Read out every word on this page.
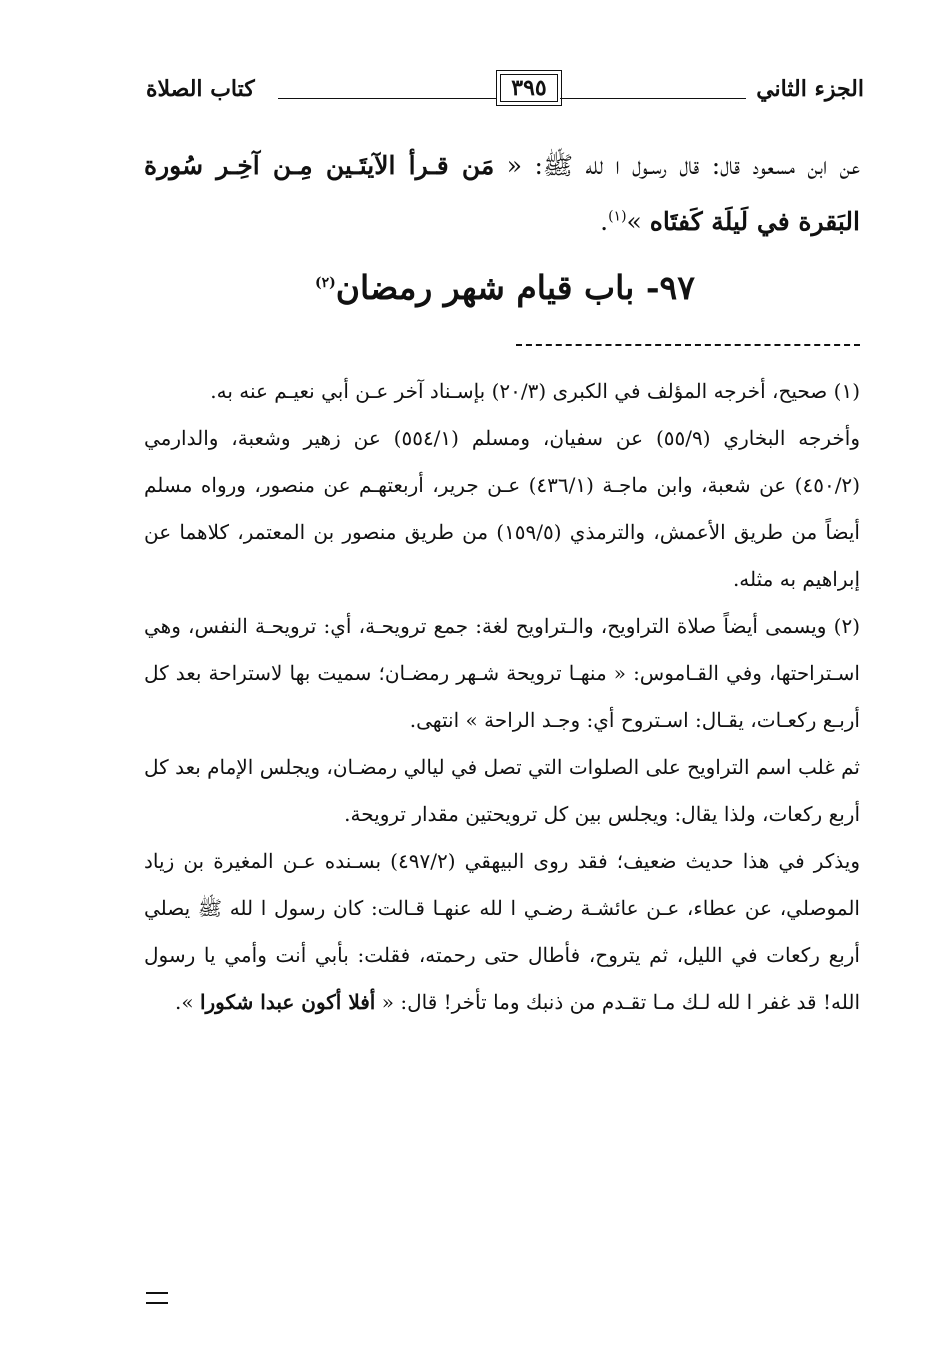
الجزء الثاني
٣٩٥
كتاب الصلاة
عن ابن مسعود قال: قال رسـول ا لله ﷺ: « مَن قـرأ الآيتَـين مِـن آخِـر سُورة البَقرة في لَيلَة كَفتَاه »$^{(١)}$.
٩٧- باب قيام شهر رمضان$^{(٢)}$

(١) صحيح، أخرجه المؤلف في الكبرى (٢٠/٣) بإسـناد آخر عـن أبي نعيـم عنه به.

وأخرجه البخاري (٥٥/٩) عن سفيان، ومسلم (٥٥٤/١) عن زهير وشعبة، والدارمي (٤٥٠/٢) عن شعبة، وابن ماجـة (٤٣٦/١) عـن جرير، أربعتهـم عن منصور، ورواه مسلم أيضاً من طريق الأعمش، والترمذي (١٥٩/٥) من طريق منصور بن المعتمر، كلاهما عن إبراهيم به مثله.

(٢) ويسمى أيضاً صلاة التراويح، والـتراويح لغة: جمع ترويحـة، أي: ترويحـة النفس، وهي اسـتراحتها، وفي القـاموس: « منهـا ترويحة شـهر رمضـان؛ سميت بها لاستراحة بعد كل أربـع ركعـات، يقـال: اسـتروح أي: وجـد الراحة » انتهى.

ثم غلب اسم التراويح على الصلوات التي تصل في ليالي رمضـان، ويجلس الإمام بعد كل أربع ركعات، ولذا يقال: ويجلس بين كل ترويحتين مقدار ترويحة.

ويذكر في هذا حديث ضعيف؛ فقد روى البيهقي (٤٩٧/٢) بسـنده عـن المغيرة بن زياد الموصلي، عن عطاء، عـن عائشـة رضـي ا لله عنهـا قـالت: كان رسول ا لله ﷺ يصلي أربع ركعات في الليل، ثم يتروح، فأطال حتى رحمته، فقلت: بأبي أنت وأمي يا رسول الله! قد غفر ا لله لـك مـا تقـدم من ذنبك وما تأخر! قال: « أفلا أكون عبدا شكورا ».
